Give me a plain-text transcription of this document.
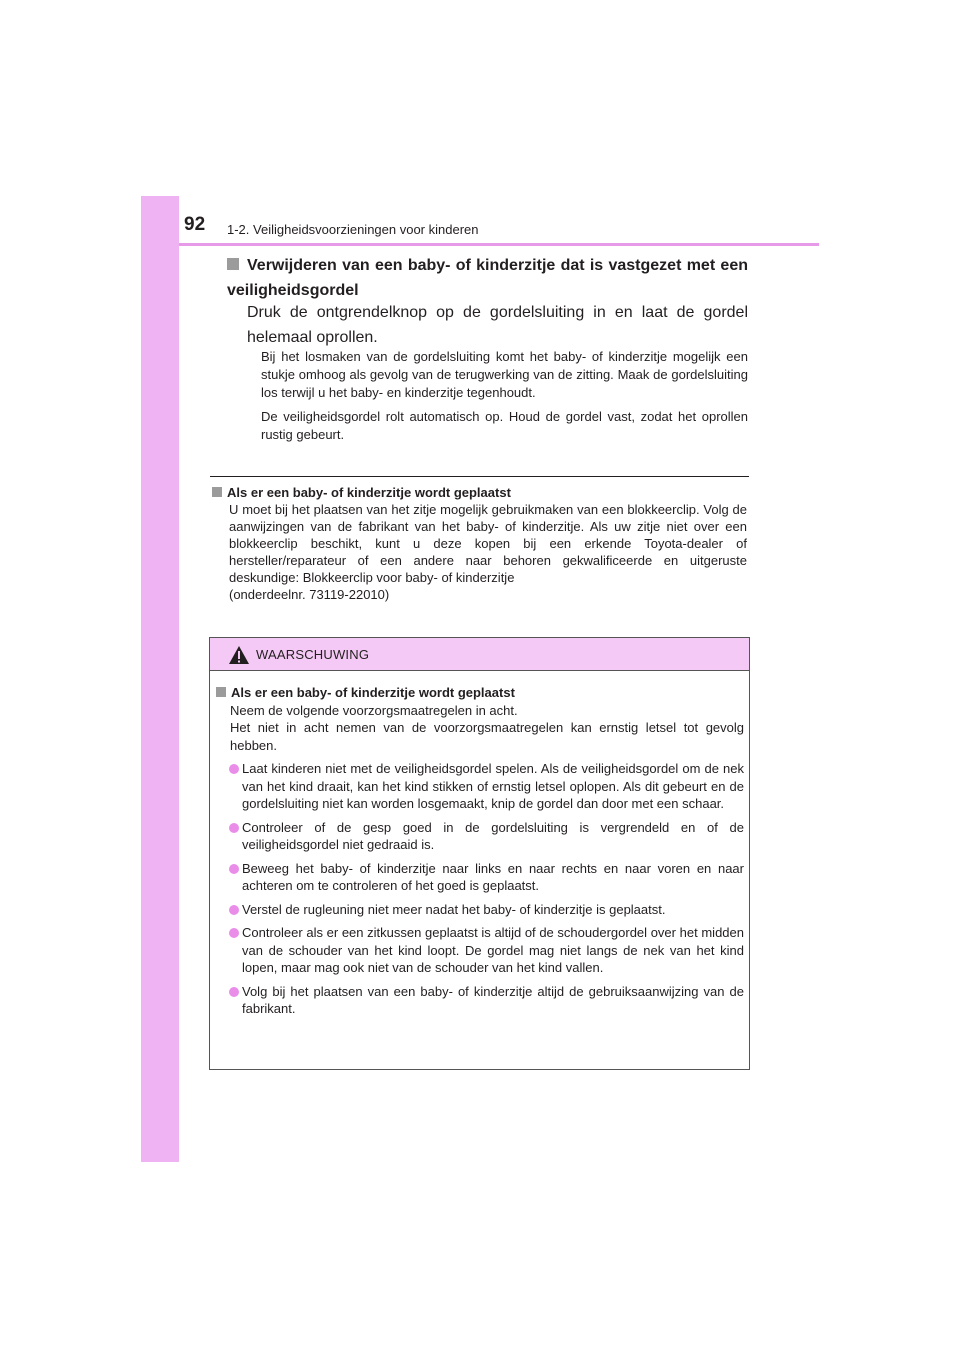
92 1-2. Veiligheidsvoorzieningen voor kinderen
Verwijderen van een baby- of kinderzitje dat is vastgezet met een veiligheidsgordel
Druk de ontgrendelknop op de gordelsluiting in en laat de gordel helemaal oprollen.

Bij het losmaken van de gordelsluiting komt het baby- of kinderzitje mogelijk een stukje omhoog als gevolg van de terugwerking van de zitting. Maak de gordelsluiting los terwijl u het baby- en kinderzitje tegenhoudt.

De veiligheidsgordel rolt automatisch op. Houd de gordel vast, zodat het oprollen rustig gebeurt.

Als er een baby- of kinderzitje wordt geplaatst
U moet bij het plaatsen van het zitje mogelijk gebruikmaken van een blokkeerclip. Volg de aanwijzingen van de fabrikant van het baby- of kinderzitje. Als uw zitje niet over een blokkeerclip beschikt, kunt u deze kopen bij een erkende Toyota-dealer of hersteller/reparateur of een andere naar behoren gekwalificeerde en uitgeruste deskundige: Blokkeerclip voor baby- of kinderzitje
(onderdeelnr. 73119-22010)
WAARSCHUWING
Als er een baby- of kinderzitje wordt geplaatst
Neem de volgende voorzorgsmaatregelen in acht.
Het niet in acht nemen van de voorzorgsmaatregelen kan ernstig letsel tot gevolg hebben.
Laat kinderen niet met de veiligheidsgordel spelen. Als de veiligheidsgordel om de nek van het kind draait, kan het kind stikken of ernstig letsel oplopen. Als dit gebeurt en de gordelsluiting niet kan worden losgemaakt, knip de gordel dan door met een schaar.
Controleer of de gesp goed in de gordelsluiting is vergrendeld en of de veiligheidsgordel niet gedraaid is.
Beweeg het baby- of kinderzitje naar links en naar rechts en naar voren en naar achteren om te controleren of het goed is geplaatst.
Verstel de rugleuning niet meer nadat het baby- of kinderzitje is geplaatst.
Controleer als er een zitkussen geplaatst is altijd of de schoudergordel over het midden van de schouder van het kind loopt. De gordel mag niet langs de nek van het kind lopen, maar mag ook niet van de schouder van het kind vallen.
Volg bij het plaatsen van een baby- of kinderzitje altijd de gebruiksaanwijzing van de fabrikant.
